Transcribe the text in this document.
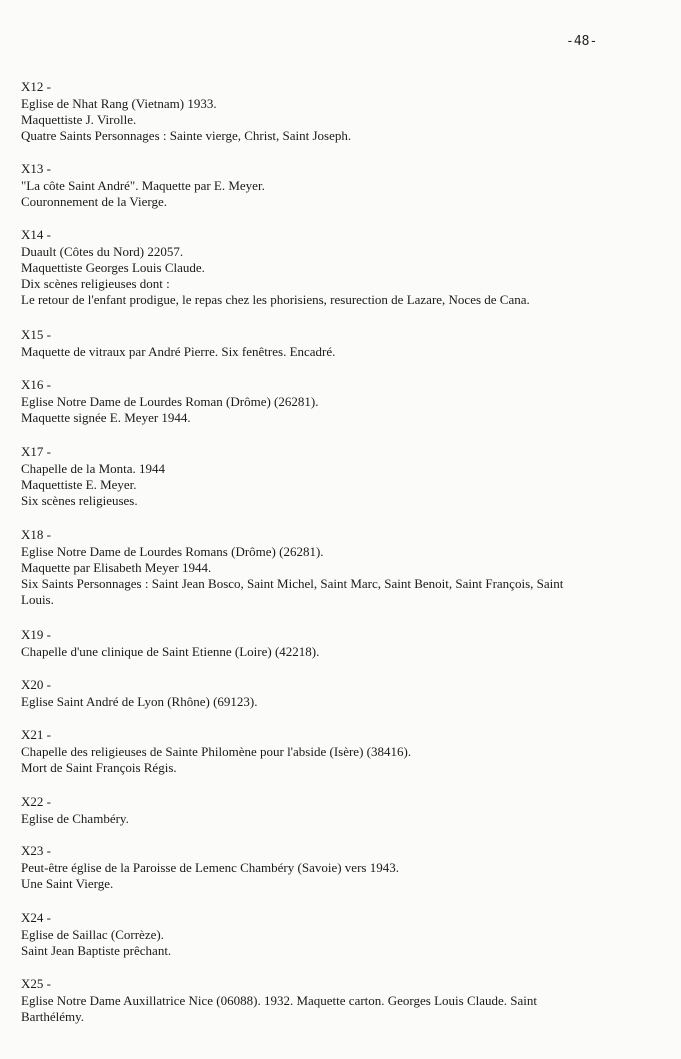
-48-

X12 -

Eglise de Nhat Rang (Vietnam) 1933.

Maquettiste J. Virolle.

Quatre Saints Personnages : Sainte vierge, Christ, Saint Joseph.

X13 -

"La côte Saint André". Maquette par E. Meyer.

Couronnement de la Vierge.

X14 -

Duault (Côtes du Nord) 22057.

Maquettiste Georges Louis Claude.

Dix scènes religieuses dont :

Le retour de l'enfant prodigue, le repas chez les phorisiens, resurection de Lazare, Noces de Cana.

X15 -

Maquette de vitraux par André Pierre. Six fenêtres. Encadré.

X16 -

Eglise Notre Dame de Lourdes Roman (Drôme) (26281).

Maquette signée E. Meyer 1944.

X17 -

Chapelle de la Monta. 1944

Maquettiste E. Meyer.

Six scènes religieuses.

X18 -

Eglise Notre Dame de Lourdes Romans (Drôme) (26281).

Maquette par Elisabeth Meyer 1944.

Six Saints Personnages : Saint Jean Bosco, Saint Michel, Saint Marc, Saint Benoit, Saint François, Saint

Louis.

X19 -

Chapelle d'une clinique de Saint Etienne (Loire) (42218).

X20 -

Eglise Saint André de Lyon (Rhône) (69123).

X21 -

Chapelle des religieuses de Sainte Philomène pour l'abside (Isère) (38416).

Mort de Saint François Régis.

X22 -

Eglise de Chambéry.

X23 -

Peut-être église de la Paroisse de Lemenc Chambéry (Savoie) vers 1943.

Une Saint Vierge.

X24 -

Eglise de Saillac (Corrèze).

Saint Jean Baptiste prêchant.

X25 -

Eglise Notre Dame Auxillatrice Nice (06088). 1932. Maquette carton. Georges Louis Claude. Saint

Barthélémy.
